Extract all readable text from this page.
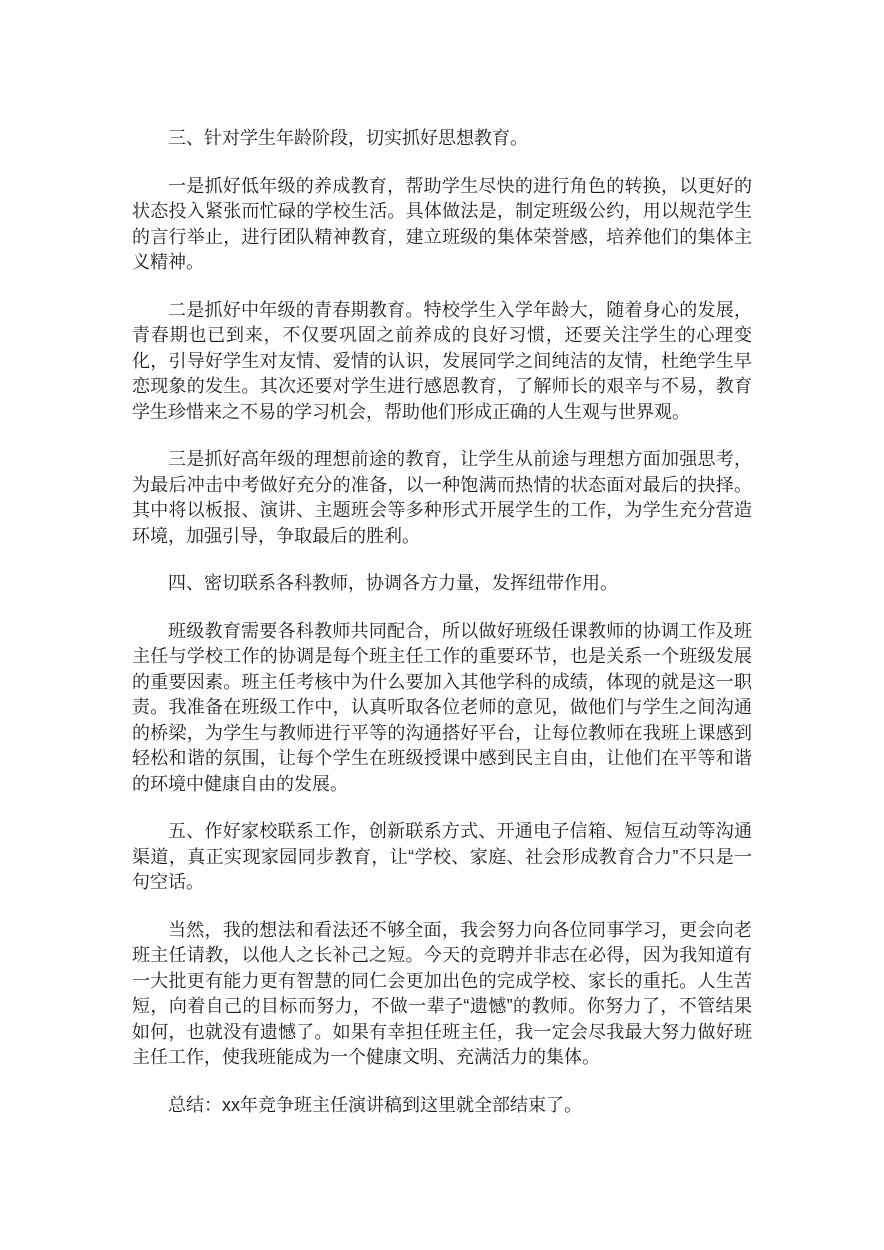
三、针对学生年龄阶段，切实抓好思想教育。

一是抓好低年级的养成教育，帮助学生尽快的进行角色的转换，以更好的状态投入紧张而忙碌的学校生活。具体做法是，制定班级公约，用以规范学生的言行举止，进行团队精神教育，建立班级的集体荣誉感，培养他们的集体主义精神。

二是抓好中年级的青春期教育。特校学生入学年龄大，随着身心的发展，青春期也已到来，不仅要巩固之前养成的良好习惯，还要关注学生的心理变化，引导好学生对友情、爱情的认识，发展同学之间纯洁的友情，杜绝学生早恋现象的发生。其次还要对学生进行感恩教育，了解师长的艰辛与不易，教育学生珍惜来之不易的学习机会，帮助他们形成正确的人生观与世界观。

三是抓好高年级的理想前途的教育，让学生从前途与理想方面加强思考，为最后冲击中考做好充分的准备，以一种饱满而热情的状态面对最后的抉择。其中将以板报、演讲、主题班会等多种形式开展学生的工作，为学生充分营造环境，加强引导，争取最后的胜利。

四、密切联系各科教师，协调各方力量，发挥纽带作用。

班级教育需要各科教师共同配合，所以做好班级任课教师的协调工作及班主任与学校工作的协调是每个班主任工作的重要环节，也是关系一个班级发展的重要因素。班主任考核中为什么要加入其他学科的成绩，体现的就是这一职责。我准备在班级工作中，认真听取各位老师的意见，做他们与学生之间沟通的桥梁，为学生与教师进行平等的沟通搭好平台，让每位教师在我班上课感到轻松和谐的氛围，让每个学生在班级授课中感到民主自由，让他们在平等和谐的环境中健康自由的发展。

五、作好家校联系工作，创新联系方式、开通电子信箱、短信互动等沟通渠道，真正实现家园同步教育，让“学校、家庭、社会形成教育合力”不只是一句空话。

当然，我的想法和看法还不够全面，我会努力向各位同事学习，更会向老班主任请教，以他人之长补己之短。今天的竞聘并非志在必得，因为我知道有一大批更有能力更有智慧的同仁会更加出色的完成学校、家长的重托。人生苦短，向着自己的目标而努力，不做一辈子“遗憾”的教师。你努力了，不管结果如何，也就没有遗憾了。如果有幸担任班主任，我一定会尽我最大努力做好班主任工作，使我班能成为一个健康文明、充满活力的集体。

总结：xx年竞争班主任演讲稿到这里就全部结束了。
